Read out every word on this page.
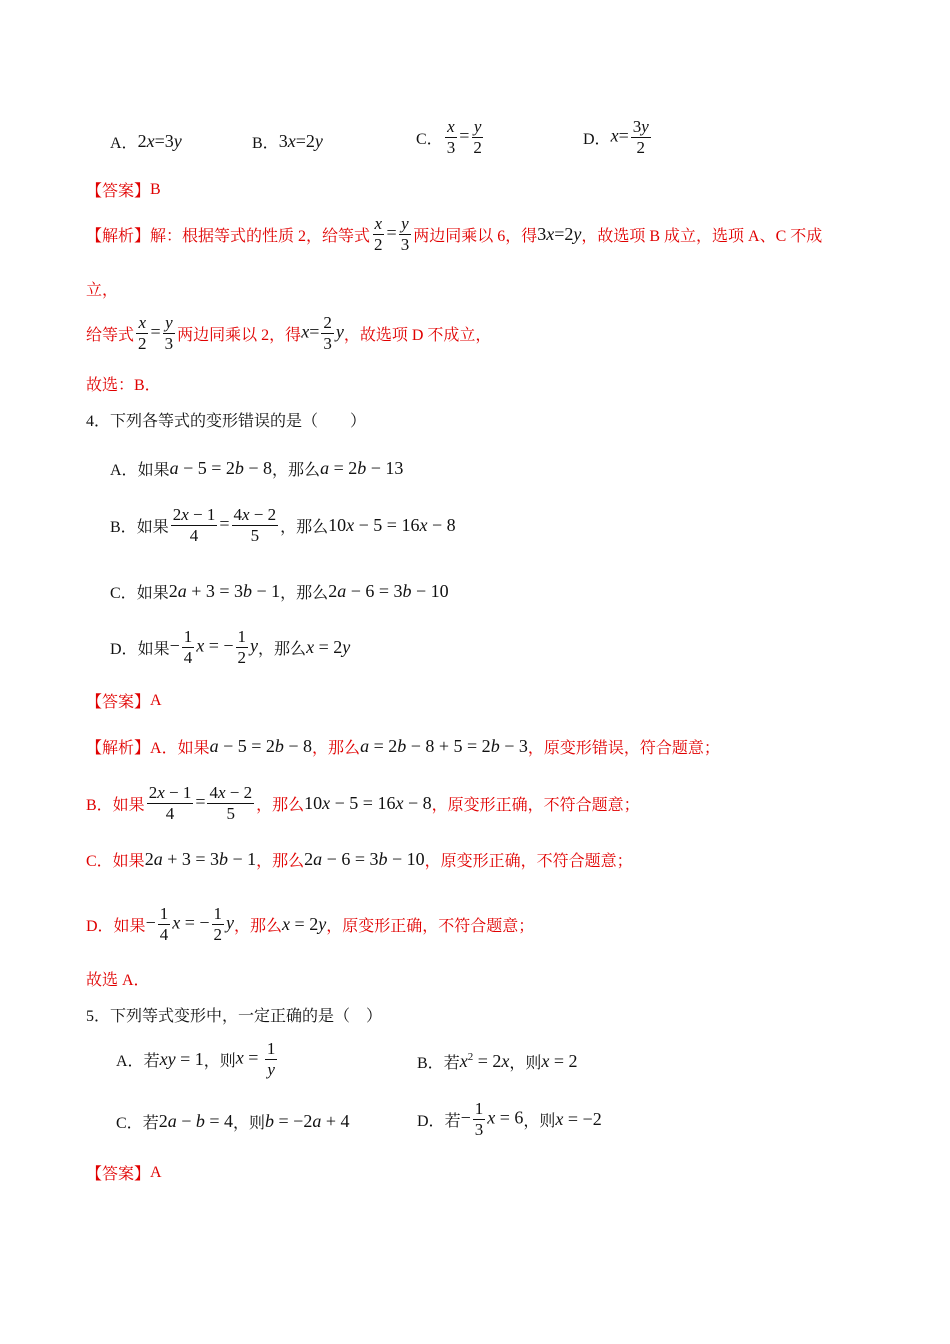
A． 2x=3y	B． 3x=2y	C． $\frac{x}{3} = \frac{y}{2}$	D． $x= \frac{3y}{2}$
【答案】 B
【解析】 解：根据等式的性质 2，给等式 $\frac{x}{2} = \frac{y}{3}$ 两边同乘以 6，得 3x=2y ，故选项 B 成立，选项 A、C 不成
立，
给等式 $\frac{x}{2} = \frac{y}{3}$ 两边同乘以 2，得 $x= \frac{2}{3}$ y ，故选项 D 不成立，
故选：B．
4．下列各等式的变形错误的是（　　）
A． 如果 a − 5 = 2b − 8 ，那么 a = 2b − 13
B． 如果 $\frac{2x - 1}{4} = \frac{4x - 2}{5}$ ，那么 10x − 5 = 16x − 8
C． 如果 2a + 3 = 3b − 1 ，那么 2a − 6 = 3b − 10
D． 如果 − $\frac{1}{4}$ x = − $\frac{1}{2}$ y ，那么 x = 2y
【答案】 A
【解析】 A．如果 a − 5 = 2b − 8 ，那么 a = 2b − 8 + 5 = 2b − 3 ，原变形错误，符合题意；
B．如果 $\frac{2x - 1}{4} = \frac{4x - 2}{5}$ ，那么 10x − 5 = 16x − 8 ，原变形正确，不符合题意；
C．如果 2a + 3 = 3b − 1 ，那么 2a − 6 = 3b − 10 ，原变形正确，不符合题意；
D．如果 − $\frac{1}{4}$ x = − $\frac{1}{2}$ y ，那么 x = 2y ，原变形正确，不符合题意；
故选 A．
5．下列等式变形中，一定正确的是（　）
A． 若 xy = 1 ，则 $x = \frac{1}{y}$	B． 若 $x^2 = 2x$ ，则 x = 2
C． 若 2a − b = 4 ，则 b = −2a + 4	D． 若 − $\frac{1}{3}$ x = 6 ，则 x = −2
【答案】 A
